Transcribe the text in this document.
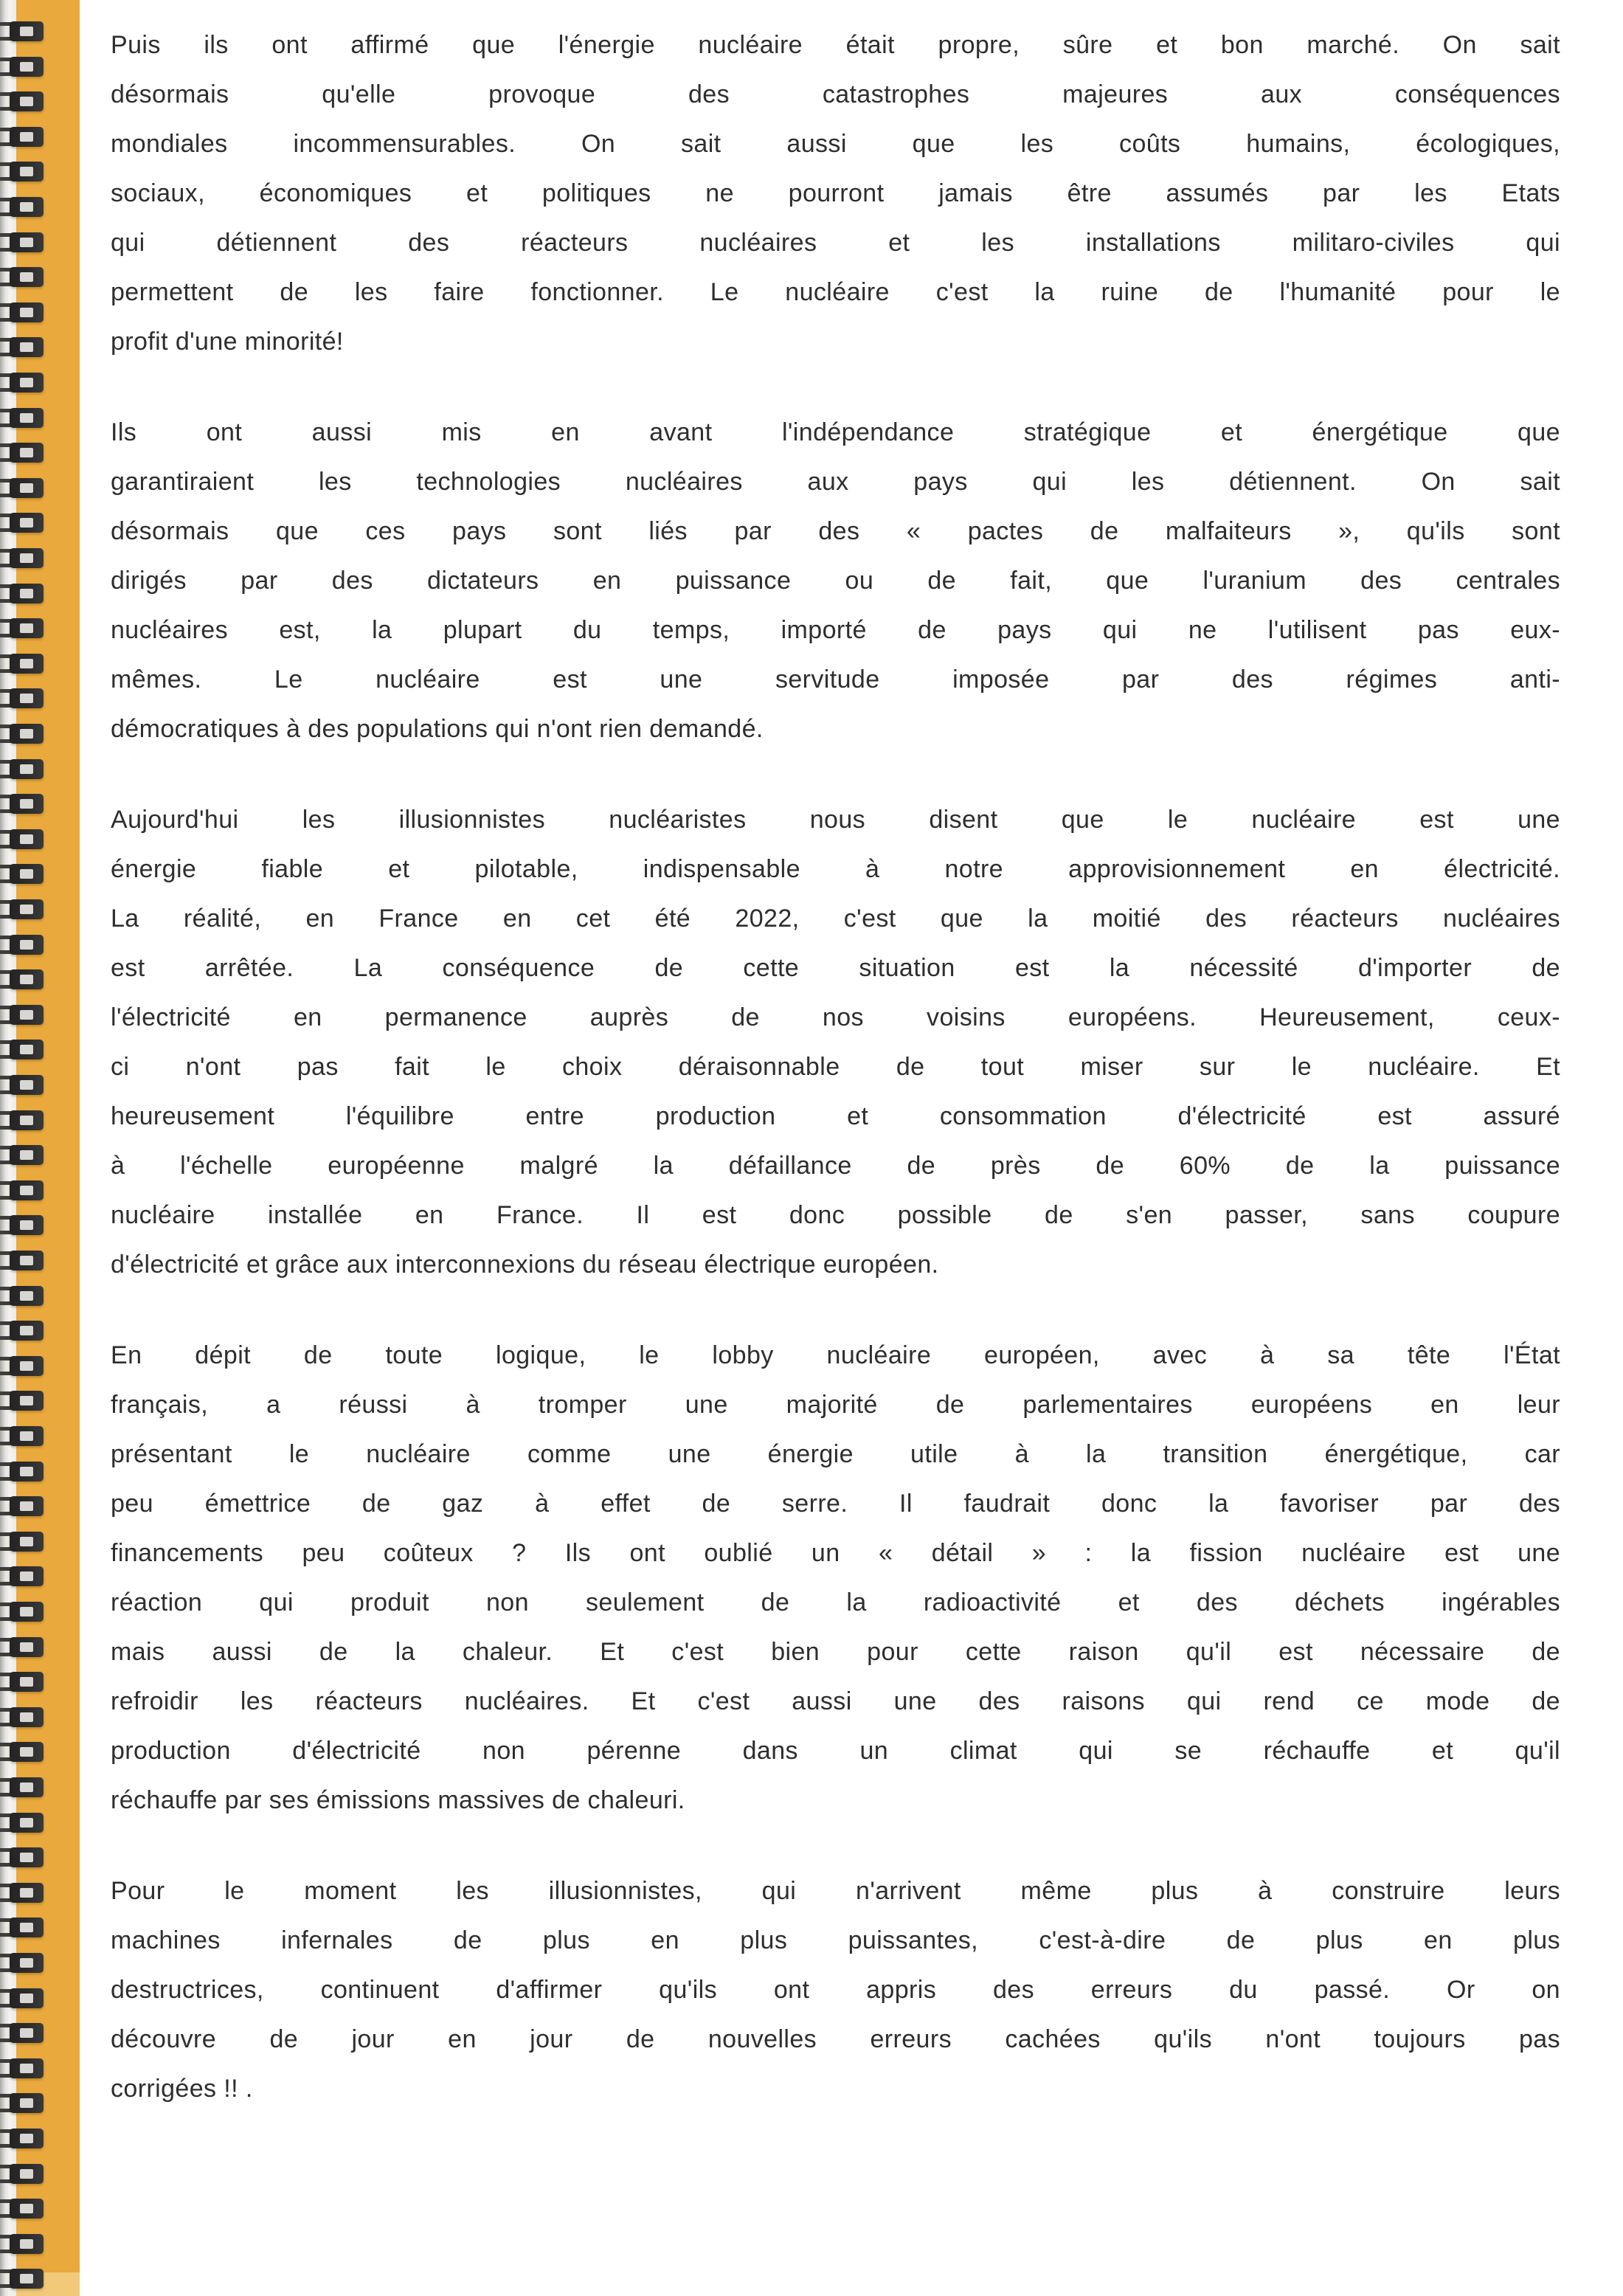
Puis ils ont affirmé que l'énergie nucléaire était propre, sûre et bon marché. On sait
désormais qu'elle provoque des catastrophes majeures aux conséquences
mondiales incommensurables. On sait aussi que les coûts humains, écologiques,
sociaux, économiques et politiques ne pourront jamais être assumés par les Etats
qui détiennent des réacteurs nucléaires et les installations militaro-civiles qui
permettent de les faire fonctionner. Le nucléaire c'est la ruine de l'humanité pour le
profit d'une minorité!

Ils ont aussi mis en avant l'indépendance stratégique et énergétique que
garantiraient les technologies nucléaires aux pays qui les détiennent. On sait
désormais que ces pays sont liés par des « pactes de malfaiteurs », qu'ils sont
dirigés par des dictateurs en puissance ou de fait, que l'uranium des centrales
nucléaires est, la plupart du temps, importé de pays qui ne l'utilisent pas eux-
mêmes. Le nucléaire est une servitude imposée par des régimes anti-
démocratiques à des populations qui n'ont rien demandé.

Aujourd'hui les illusionnistes nucléaristes nous disent que le nucléaire est une
énergie fiable et pilotable, indispensable à notre approvisionnement en électricité.
La réalité, en France en cet été 2022, c'est que la moitié des réacteurs nucléaires
est arrêtée. La conséquence de cette situation est la nécessité d'importer de
l'électricité en permanence auprès de nos voisins européens. Heureusement, ceux-
ci n'ont pas fait le choix déraisonnable de tout miser sur le nucléaire. Et
heureusement l'équilibre entre production et consommation d'électricité est assuré
à l'échelle européenne malgré la défaillance de près de 60% de la puissance
nucléaire installée en France. Il est donc possible de s'en passer, sans coupure
d'électricité et grâce aux interconnexions du réseau électrique européen.

En dépit de toute logique, le lobby nucléaire européen, avec à sa tête l'État
français, a réussi à tromper une majorité de parlementaires européens en leur
présentant le nucléaire comme une énergie utile à la transition énergétique, car
peu émettrice de gaz à effet de serre. Il faudrait donc la favoriser par des
financements peu coûteux ? Ils ont oublié un « détail » : la fission nucléaire est une
réaction qui produit non seulement de la radioactivité et des déchets ingérables
mais aussi de la chaleur. Et c'est bien pour cette raison qu'il est nécessaire de
refroidir les réacteurs nucléaires. Et c'est aussi une des raisons qui rend ce mode de
production d'électricité non pérenne dans un climat qui se réchauffe et qu'il
réchauffe par ses émissions massives de chaleuri.

Pour le moment les illusionnistes, qui n'arrivent même plus à construire leurs
machines infernales de plus en plus puissantes, c'est-à-dire de plus en plus
destructrices, continuent d'affirmer qu'ils ont appris des erreurs du passé. Or on
découvre de jour en jour de nouvelles erreurs cachées qu'ils n'ont toujours pas
corrigées !! .
